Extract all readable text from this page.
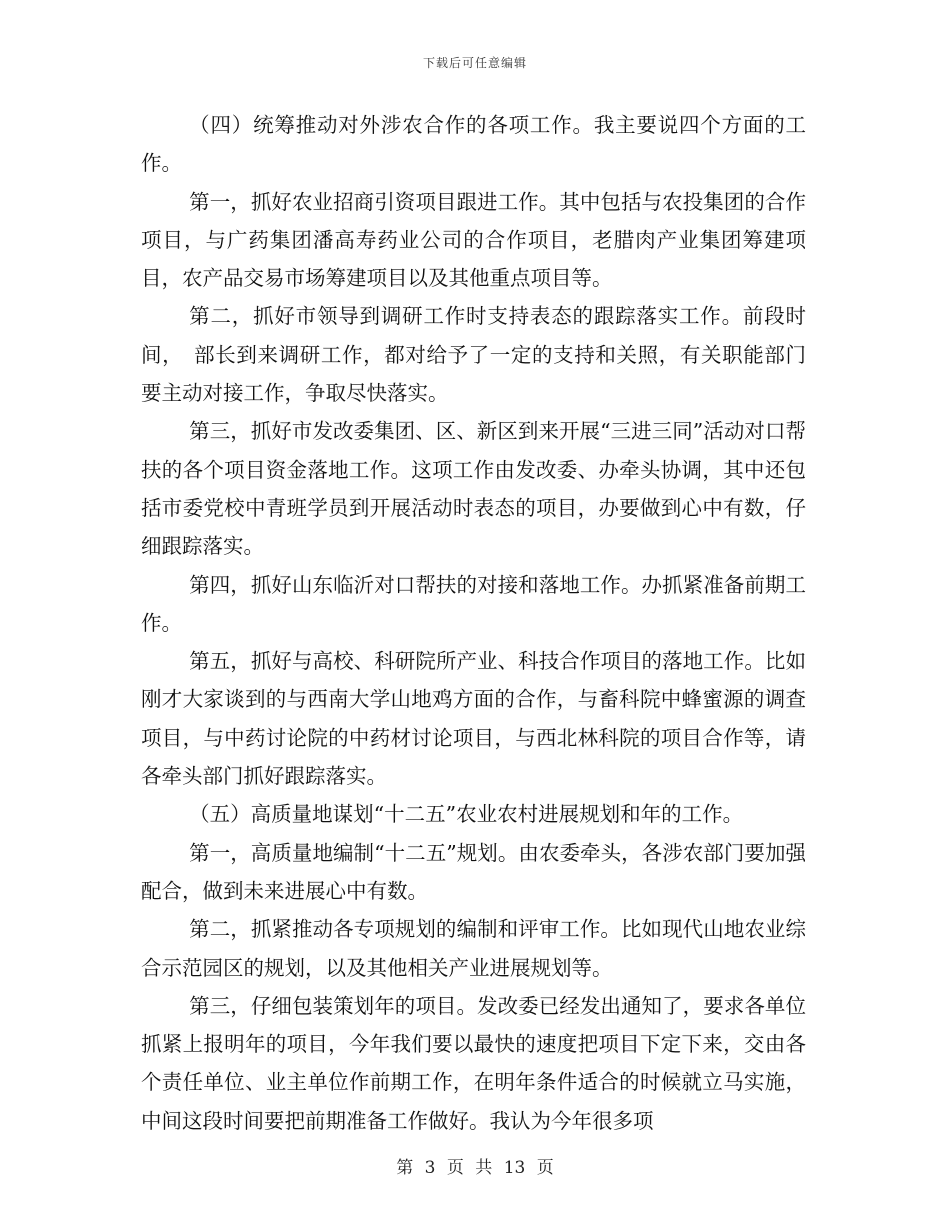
下载后可任意编辑

（四）统筹推动对外涉农合作的各项工作。我主要说四个方面的工作。

第一，抓好农业招商引资项目跟进工作。其中包括与农投集团的合作项目，与广药集团潘高寿药业公司的合作项目，老腊肉产业集团筹建项目，农产品交易市场筹建项目以及其他重点项目等。

第二，抓好市领导到调研工作时支持表态的跟踪落实工作。前段时间，　部长到来调研工作，都对给予了一定的支持和关照，有关职能部门要主动对接工作，争取尽快落实。

第三，抓好市发改委集团、区、新区到来开展“三进三同”活动对口帮扶的各个项目资金落地工作。这项工作由发改委、办牵头协调，其中还包括市委党校中青班学员到开展活动时表态的项目，办要做到心中有数，仔细跟踪落实。

第四，抓好山东临沂对口帮扶的对接和落地工作。办抓紧准备前期工作。

第五，抓好与高校、科研院所产业、科技合作项目的落地工作。比如刚才大家谈到的与西南大学山地鸡方面的合作，与畜科院中蜂蜜源的调查项目，与中药讨论院的中药材讨论项目，与西北林科院的项目合作等，请各牵头部门抓好跟踪落实。

（五）高质量地谋划“十二五”农业农村进展规划和年的工作。

第一，高质量地编制“十二五”规划。由农委牵头，各涉农部门要加强配合，做到未来进展心中有数。

第二，抓紧推动各专项规划的编制和评审工作。比如现代山地农业综合示范园区的规划，以及其他相关产业进展规划等。

第三，仔细包装策划年的项目。发改委已经发出通知了，要求各单位抓紧上报明年的项目，今年我们要以最快的速度把项目下定下来，交由各个责任单位、业主单位作前期工作，在明年条件适合的时候就立马实施，中间这段时间要把前期准备工作做好。我认为今年很多项

第 3 页 共 13 页
